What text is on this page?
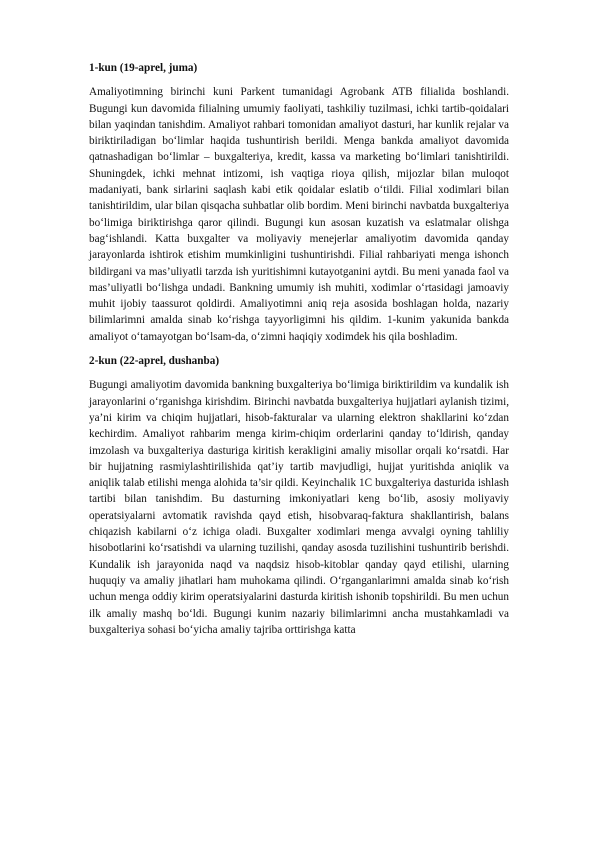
1-kun (19-aprel, juma)

Amaliyotimning birinchi kuni Parkent tumanidagi Agrobank ATB filialida boshlandi. Bugungi kun davomida filialning umumiy faoliyati, tashkiliy tuzilmasi, ichki tartib-qoidalari bilan yaqindan tanishdim. Amaliyot rahbari tomonidan amaliyot dasturi, har kunlik rejalar va biriktiriladigan bo‘limlar haqida tushuntirish berildi. Menga bankda amaliyot davomida qatnashadigan bo‘limlar – buxgalteriya, kredit, kassa va marketing bo‘limlari tanishtirildi. Shuningdek, ichki mehnat intizomi, ish vaqtiga rioya qilish, mijozlar bilan muloqot madaniyati, bank sirlarini saqlash kabi etik qoidalar eslatib o‘tildi. Filial xodimlari bilan tanishtirildim, ular bilan qisqacha suhbatlar olib bordim. Meni birinchi navbatda buxgalteriya bo‘limiga biriktirishga qaror qilindi. Bugungi kun asosan kuzatish va eslatmalar olishga bag‘ishlandi. Katta buxgalter va moliyaviy menejerlar amaliyotim davomida qanday jarayonlarda ishtirok etishim mumkinligini tushuntirishdi. Filial rahbariyati menga ishonch bildirgani va mas’uliyatli tarzda ish yuritishimni kutayotganini aytdi. Bu meni yanada faol va mas’uliyatli bo‘lishga undadi. Bankning umumiy ish muhiti, xodimlar o‘rtasidagi jamoaviy muhit ijobiy taassurot qoldirdi. Amaliyotimni aniq reja asosida boshlagan holda, nazariy bilimlarimni amalda sinab ko‘rishga tayyorligimni his qildim. 1-kunim yakunida bankda amaliyot o‘tamayotgan bo‘lsam-da, o‘zimni haqiqiy xodimdek his qila boshladim.

2-kun (22-aprel, dushanba)

Bugungi amaliyotim davomida bankning buxgalteriya bo‘limiga biriktirildim va kundalik ish jarayonlarini o‘rganishga kirishdim. Birinchi navbatda buxgalteriya hujjatlari aylanish tizimi, ya’ni kirim va chiqim hujjatlari, hisob-fakturalar va ularning elektron shakllarini ko‘zdan kechirdim. Amaliyot rahbarim menga kirim-chiqim orderlarini qanday to‘ldirish, qanday imzolash va buxgalteriya dasturiga kiritish kerakligini amaliy misollar orqali ko‘rsatdi. Har bir hujjatning rasmiylashtirilishida qat’iy tartib mavjudligi, hujjat yuritishda aniqlik va aniqlik talab etilishi menga alohida ta’sir qildi. Keyinchalik 1C buxgalteriya dasturida ishlash tartibi bilan tanishdim. Bu dasturning imkoniyatlari keng bo‘lib, asosiy moliyaviy operatsiyalarni avtomatik ravishda qayd etish, hisobvaraq-faktura shakllantirish, balans chiqazish kabilarni o‘z ichiga oladi. Buxgalter xodimlari menga avvalgi oyning tahliliy hisobotlarini ko‘rsatishdi va ularning tuzilishi, qanday asosda tuzilishini tushuntirib berishdi. Kundalik ish jarayonida naqd va naqdsiz hisob-kitoblar qanday qayd etilishi, ularning huquqiy va amaliy jihatlari ham muhokama qilindi. O‘rganganlarimni amalda sinab ko‘rish uchun menga oddiy kirim operatsiyalarini dasturda kiritish ishonib topshirildi. Bu men uchun ilk amaliy mashq bo‘ldi. Bugungi kunim nazariy bilimlarimni ancha mustahkamladi va buxgalteriya sohasi bo‘yicha amaliy tajriba orttirishga katta
